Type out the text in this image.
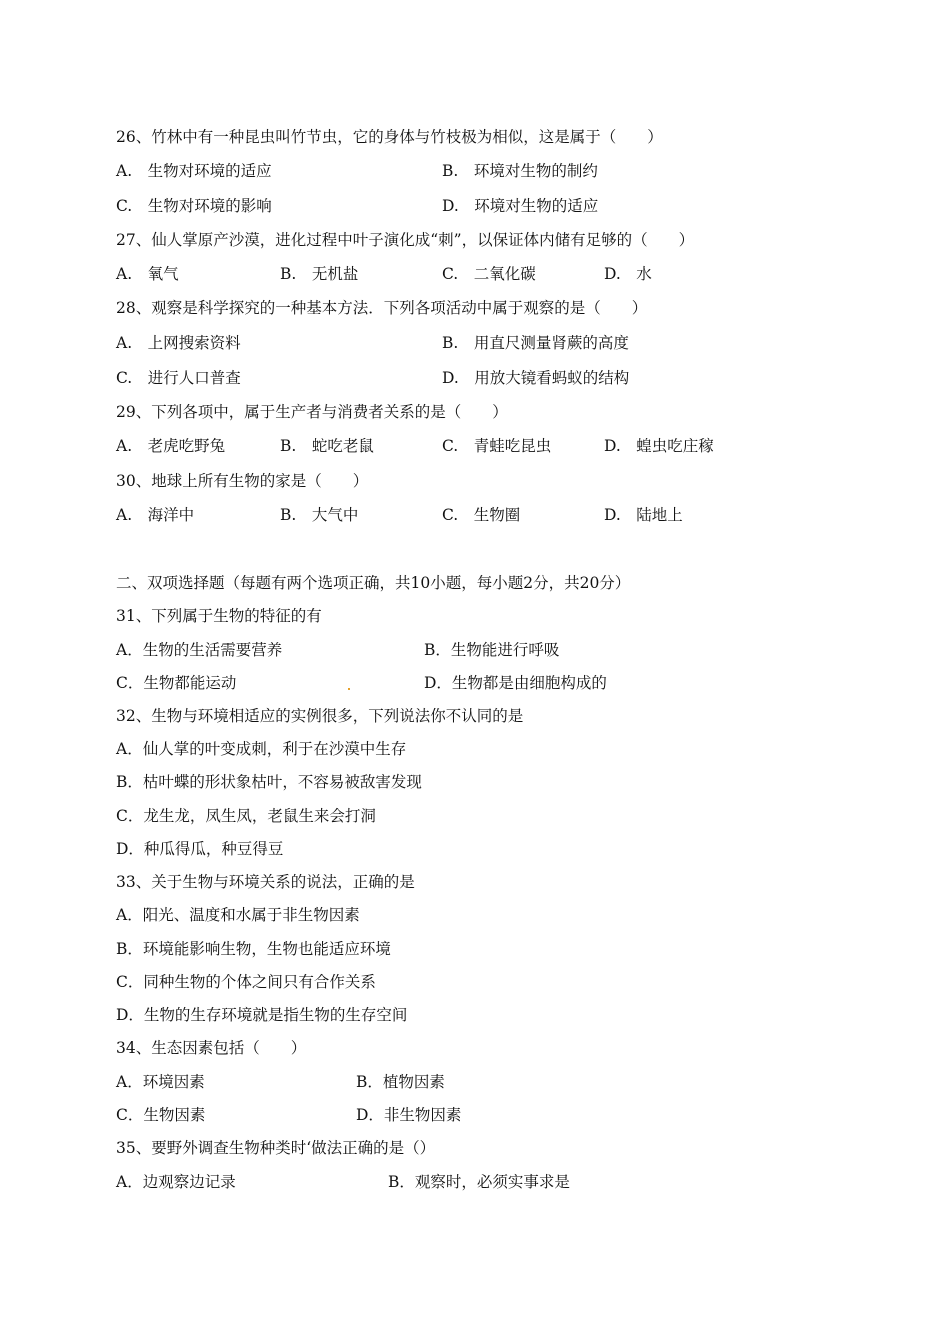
26、竹林中有一种昆虫叫竹节虫，它的身体与竹枝极为相似，这是属于（　　）
A.　生物对环境的适应	B.　环境对生物的制约
C.　生物对环境的影响	D.　环境对生物的适应
27、仙人掌原产沙漠，进化过程中叶子演化成“刺”，以保证体内储有足够的（　　）
A.　氧气	B.　无机盐	C.　二氧化碳	D.　水
28、观察是科学探究的一种基本方法．下列各项活动中属于观察的是（　　）
A.　上网搜索资料	B.　用直尺测量肾蕨的高度
C.　进行人口普查	D.　用放大镜看蚂蚁的结构
29、下列各项中，属于生产者与消费者关系的是（　　）
A.　老虎吃野兔	B.　蛇吃老鼠	C.　青蛙吃昆虫	D.　蝗虫吃庄稼
30、地球上所有生物的家是（　　）
A.　海洋中	B.　大气中	C.　生物圈	D.　陆地上
二、双项选择题（每题有两个选项正确，共10小题，每小题2分，共20分）
31、下列属于生物的特征的有
A．生物的生活需要营养	B．生物能进行呼吸
C．生物都能运动	D．生物都是由细胞构成的
32、生物与环境相适应的实例很多，下列说法你不认同的是
A．仙人掌的叶变成刺，利于在沙漠中生存
B．枯叶蝶的形状象枯叶，不容易被敌害发现
C．龙生龙，凤生凤，老鼠生来会打洞
D．种瓜得瓜，种豆得豆
33、关于生物与环境关系的说法，正确的是
A．阳光、温度和水属于非生物因素
B．环境能影响生物，生物也能适应环境
C．同种生物的个体之间只有合作关系
D．生物的生存环境就是指生物的生存空间
34、生态因素包括（　　）
A．环境因素	B．植物因素
C．生物因素	D．非生物因素
35、要野外调查生物种类时‘做法正确的是（）
A．边观察边记录	B．观察时，必须实事求是
